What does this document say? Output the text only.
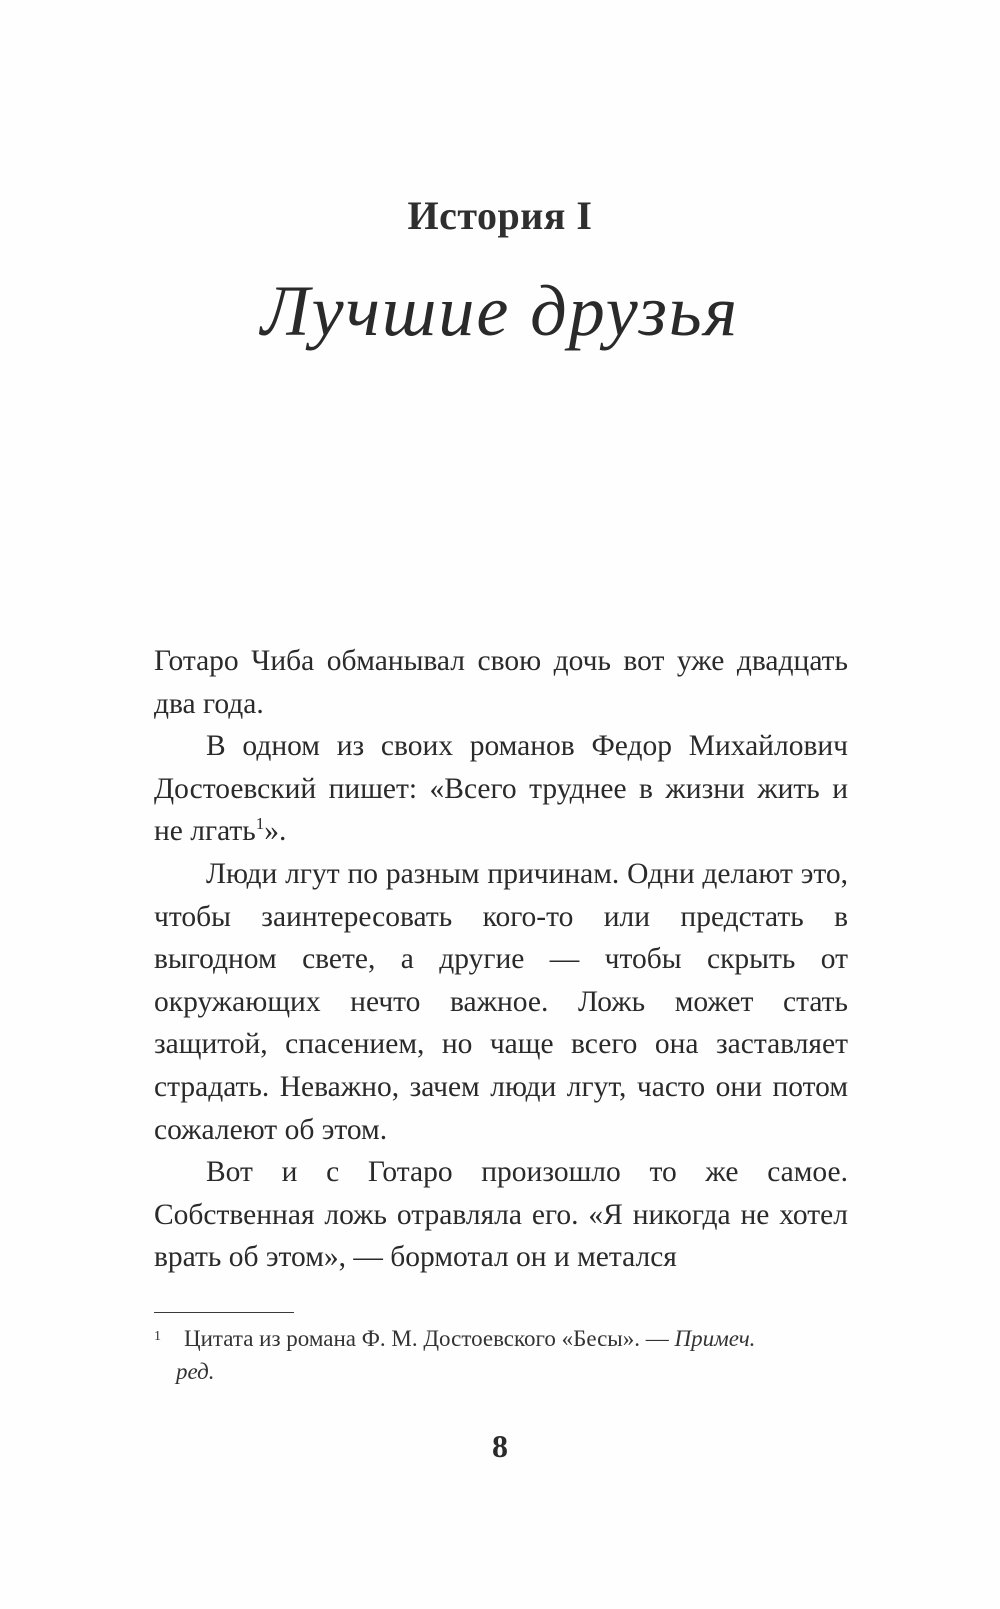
История I
Лучшие друзья

Готаро Чиба обманывал свою дочь вот уже двадцать два года.

В одном из своих романов Федор Михайлович Достоевский пишет: «Всего труднее в жизни жить и не лгать$^1$».

Люди лгут по разным причинам. Одни делают это, чтобы заинтересовать кого-то или предстать в выгодном свете, а другие — чтобы скрыть от окружающих нечто важное. Ложь может стать защитой, спасением, но чаще всего она заставляет страдать. Неважно, зачем люди лгут, часто они потом сожалеют об этом.

Вот и с Готаро произошло то же самое. Собственная ложь отравляла его. «Я никогда не хотел врать об этом», — бормотал он и метался

1	Цитата из романа Ф. М. Достоевского «Бесы». — Примеч.
ред.
8
